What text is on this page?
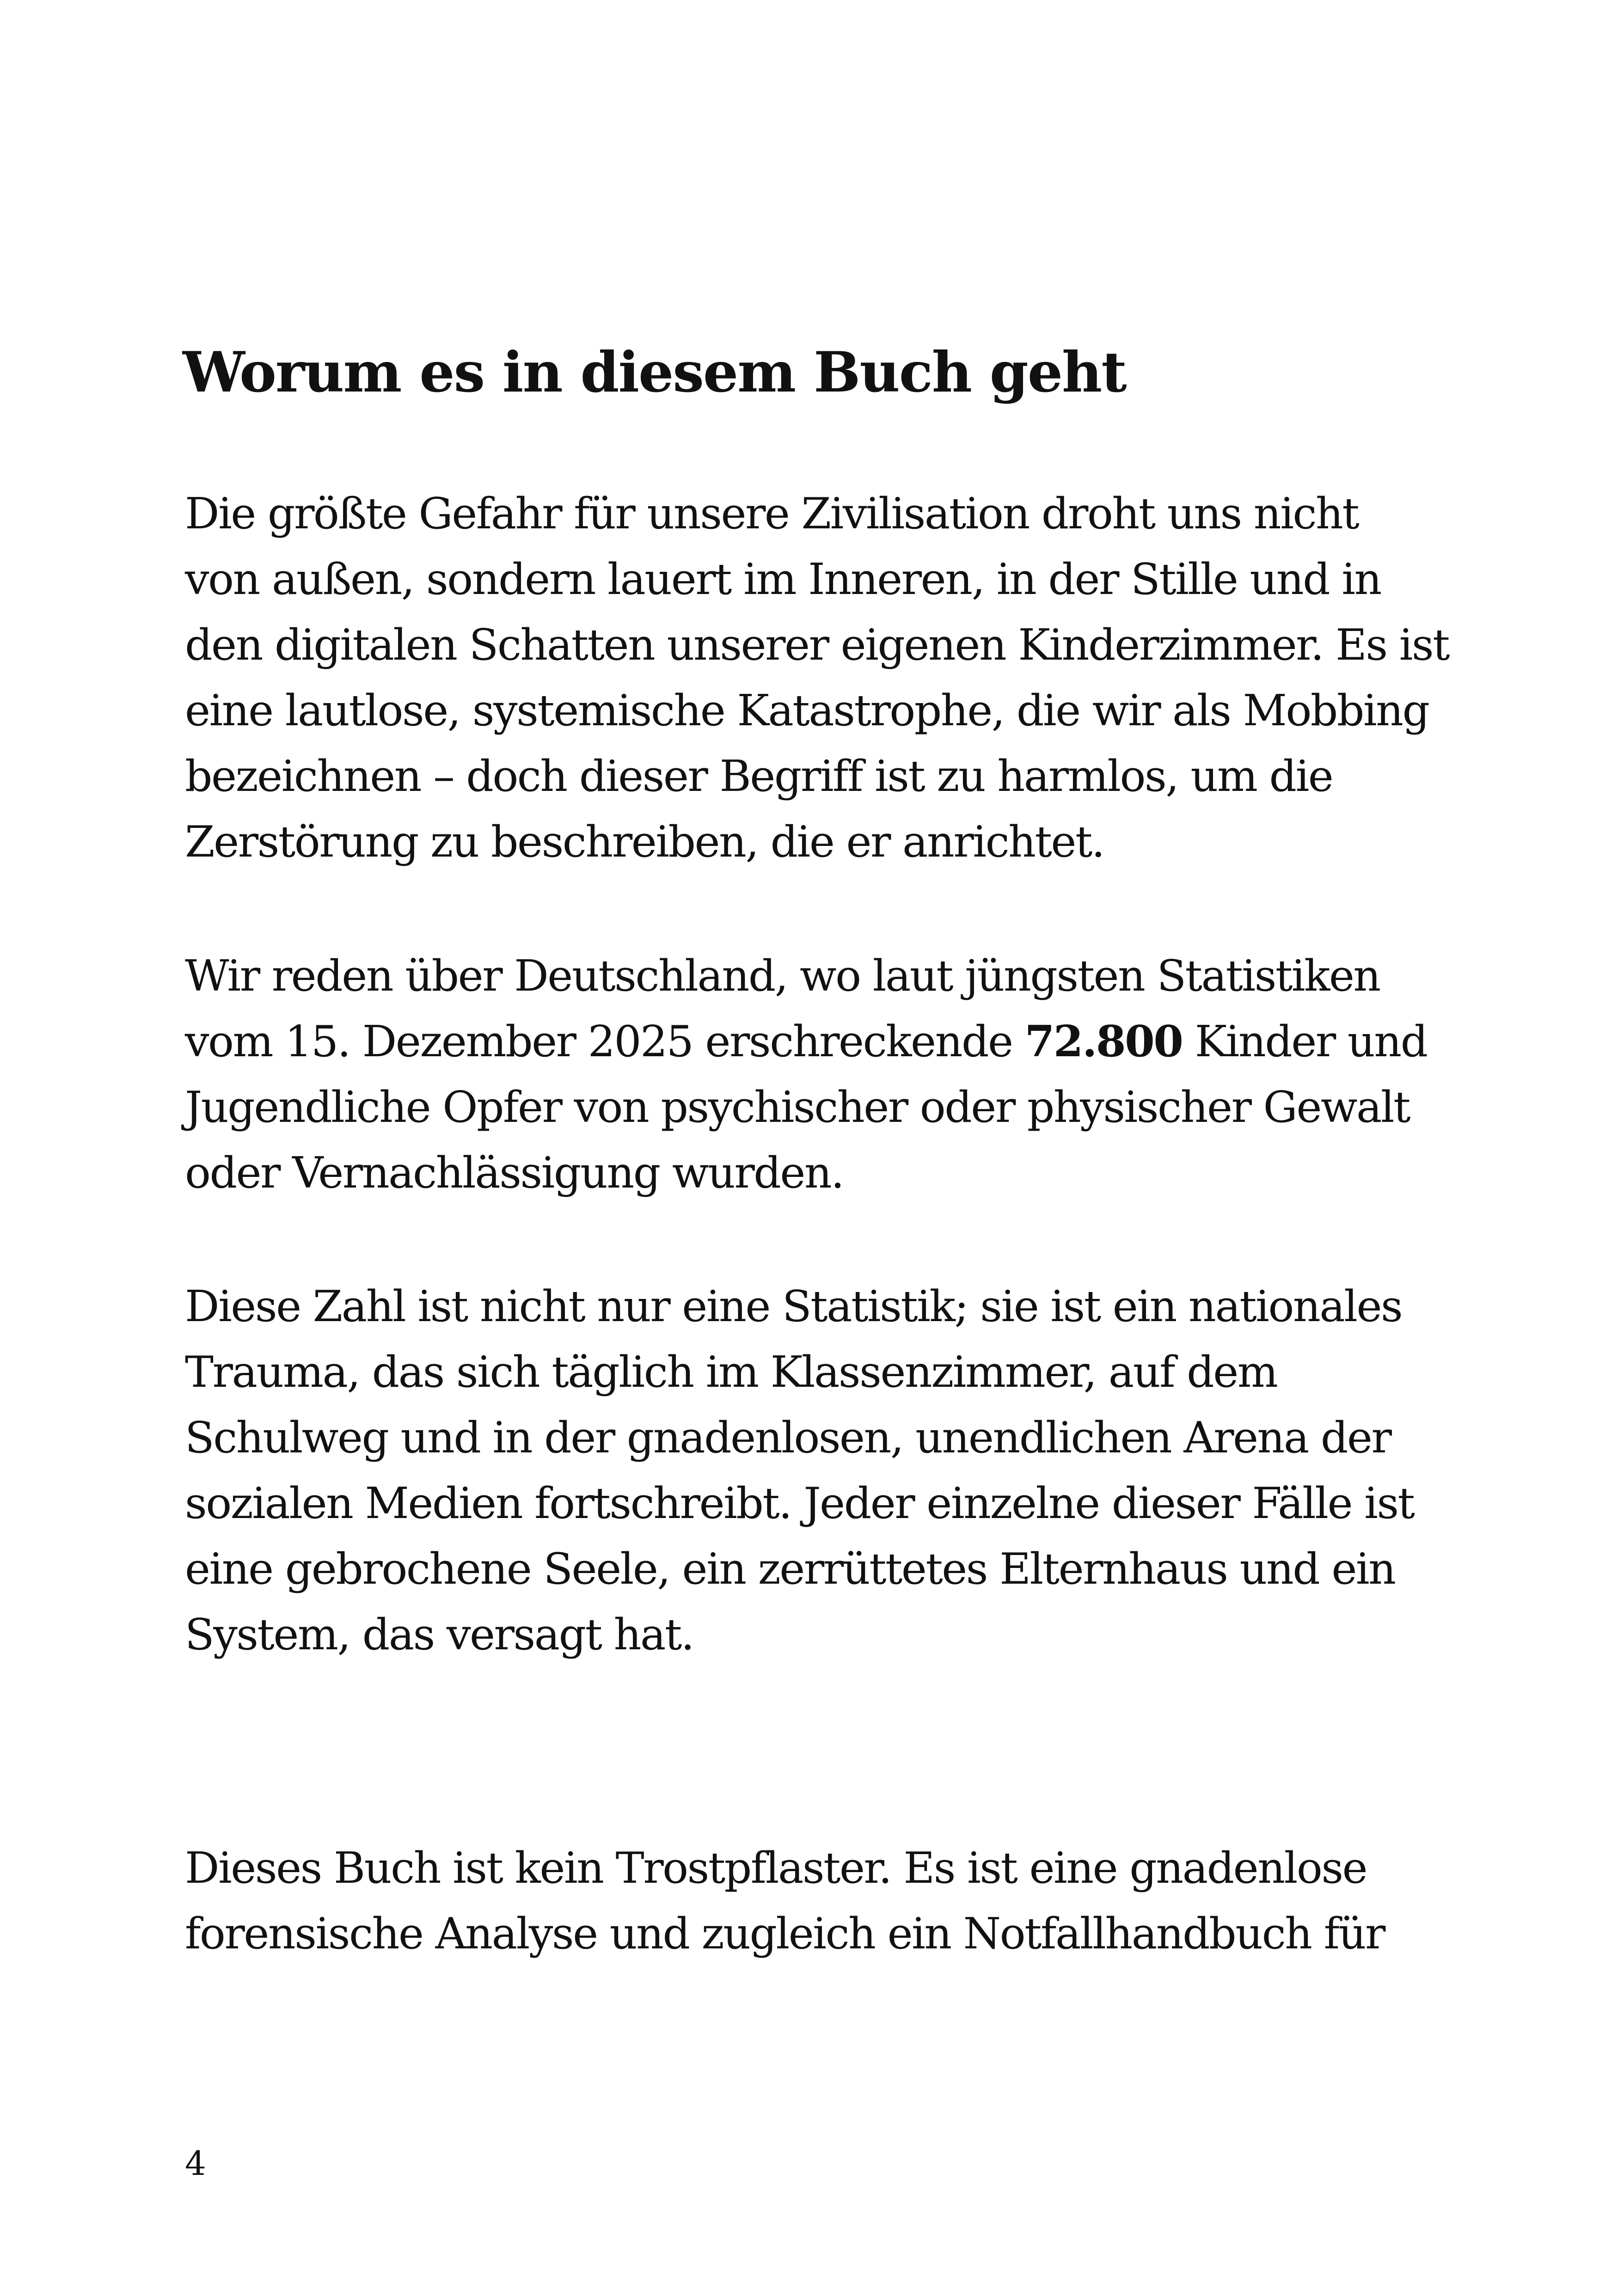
Worum es in diesem Buch geht

Die größte Gefahr für unsere Zivilisation droht uns nicht
von außen, sondern lauert im Inneren, in der Stille und in
den digitalen Schatten unserer eigenen Kinderzimmer. Es ist
eine lautlose, systemische Katastrophe, die wir als Mobbing
bezeichnen – doch dieser Begriff ist zu harmlos, um die
Zerstörung zu beschreiben, die er anrichtet.

Wir reden über Deutschland, wo laut jüngsten Statistiken
vom 15. Dezember 2025 erschreckende 72.800 Kinder und
Jugendliche Opfer von psychischer oder physischer Gewalt
oder Vernachlässigung wurden.

Diese Zahl ist nicht nur eine Statistik; sie ist ein nationales
Trauma, das sich täglich im Klassenzimmer, auf dem
Schulweg und in der gnadenlosen, unendlichen Arena der
sozialen Medien fortschreibt. Jeder einzelne dieser Fälle ist
eine gebrochene Seele, ein zerrüttetes Elternhaus und ein
System, das versagt hat.

Dieses Buch ist kein Trostpflaster. Es ist eine gnadenlose
forensische Analyse und zugleich ein Notfallhandbuch für

4
